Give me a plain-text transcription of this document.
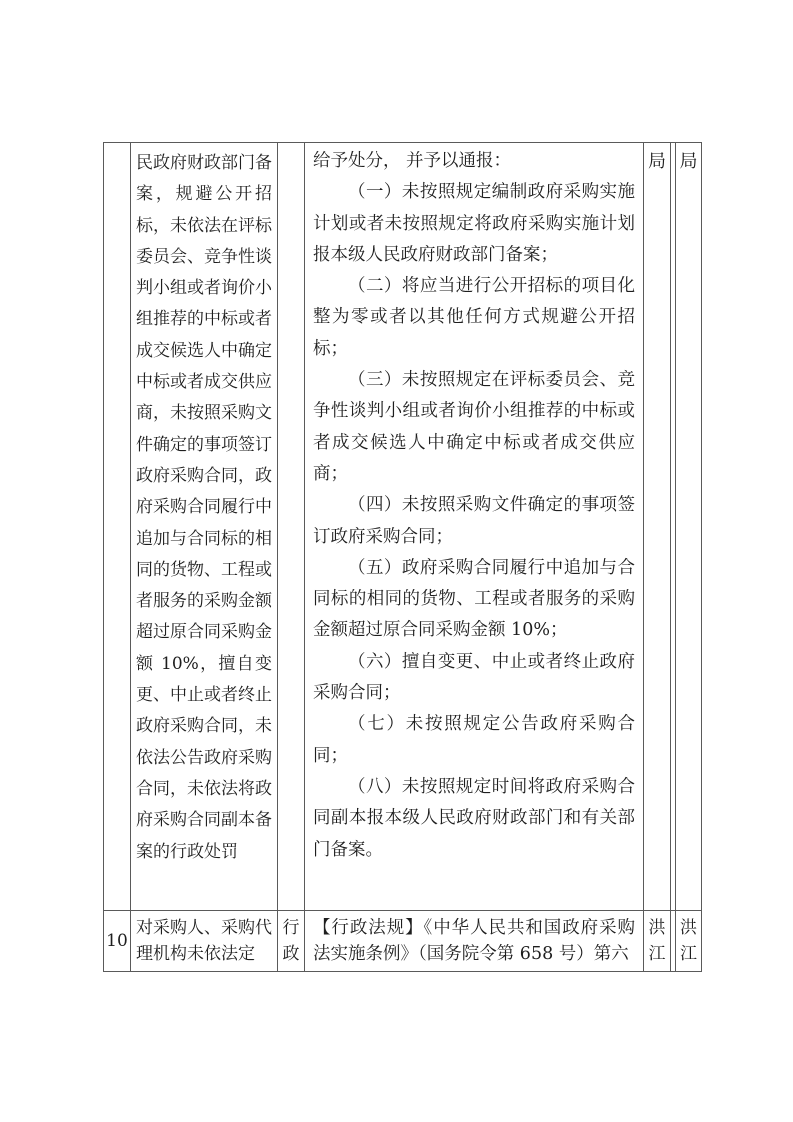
民政府财政部门备案，规避公开招标，未依法在评标委员会、竞争性谈判小组或者询价小组推荐的中标或者成交候选人中确定中标或者成交供应商，未按照采购文件确定的事项签订政府采购合同，政府采购合同履行中追加与合同标的相同的货物、工程或者服务的采购金额超过原合同采购金额 10%，擅自变更、中止或者终止政府采购合同，未依法公告政府采购合同，未依法将政府采购合同副本备案的行政处罚

给予处分， 并予以通报：

（一）未按照规定编制政府采购实施计划或者未按照规定将政府采购实施计划报本级人民政府财政部门备案；

（二）将应当进行公开招标的项目化整为零或者以其他任何方式规避公开招标；

（三）未按照规定在评标委员会、竞争性谈判小组或者询价小组推荐的中标或者成交候选人中确定中标或者成交供应商；

（四）未按照采购文件确定的事项签订政府采购合同；

（五）政府采购合同履行中追加与合同标的相同的货物、工程或者服务的采购金额超过原合同采购金额 10%；

（六）擅自变更、中止或者终止政府采购合同；

（七）未按照规定公告政府采购合同；

（八）未按照规定时间将政府采购合同副本报本级人民政府财政部门和有关部门备案。

局 局
10
对采购人、采购代理机构未依法定
行政
【行政法规】《中华人民共和国政府采购法实施条例》（国务院令第 658 号）第六
洪江
洪江
